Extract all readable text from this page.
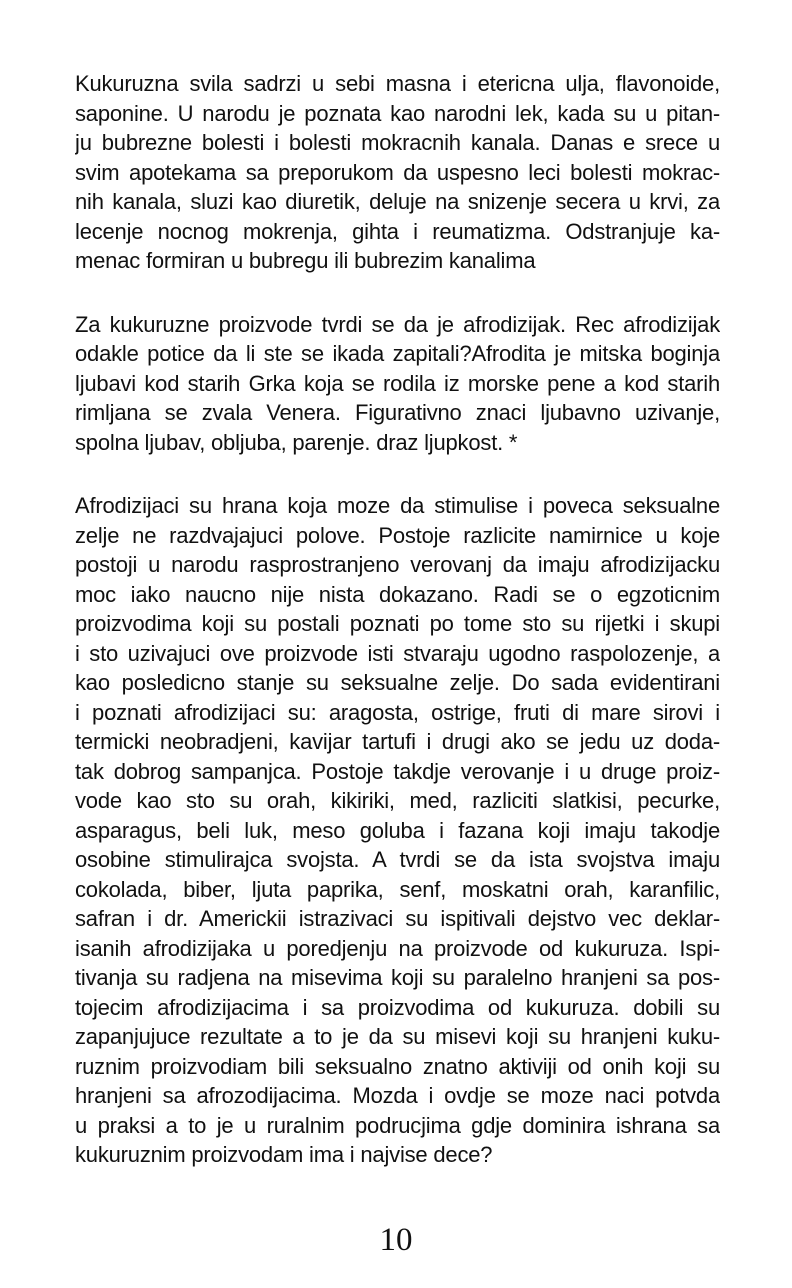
Kukuruzna svila sadrzi u sebi masna i etericna ulja, flavonoide,
saponine. U narodu je poznata kao narodni lek, kada su u pitan-
ju bubrezne bolesti i bolesti mokracnih kanala. Danas e srece u
svim apotekama sa preporukom da uspesno leci bolesti mokrac-
nih kanala, sluzi kao diuretik, deluje na snizenje secera u krvi, za
lecenje nocnog mokrenja, gihta i reumatizma. Odstranjuje ka-
menac formiran u bubregu ili bubrezim kanalima
Za kukuruzne proizvode tvrdi se da je afrodizijak. Rec afrodizijak
odakle potice da li ste se ikada zapitali?Afrodita je mitska boginja
ljubavi kod starih Grka koja se rodila iz morske pene a kod starih
rimljana se zvala Venera. Figurativno znaci ljubavno uzivanje,
spolna ljubav, obljuba, parenje. draz ljupkost. *
Afrodizijaci su hrana koja moze da stimulise i poveca seksualne
zelje ne razdvajajuci polove. Postoje razlicite namirnice u koje
postoji u narodu rasprostranjeno verovanj da imaju afrodizijacku
moc iako naucno nije nista dokazano. Radi se o egzoticnim
proizvodima koji su postali poznati po tome sto su rijetki i skupi
i sto uzivajuci ove proizvode isti stvaraju ugodno raspolozenje, a
kao posledicno stanje su seksualne zelje. Do sada evidentirani
i poznati afrodizijaci su: aragosta, ostrige, fruti di mare sirovi i
termicki neobradjeni, kavijar tartufi i drugi ako se jedu uz doda-
tak dobrog sampanjca. Postoje takdje verovanje i u druge proiz-
vode kao sto su orah, kikiriki, med, razliciti slatkisi, pecurke,
asparagus, beli luk, meso goluba i fazana koji imaju takodje
osobine stimulirajca svojsta. A tvrdi se da ista svojstva imaju
cokolada, biber, ljuta paprika, senf, moskatni orah, karanfilic,
safran i dr. Americkii istrazivaci su ispitivali dejstvo vec deklar-
isanih afrodizijaka u poredjenju na proizvode od kukuruza. Ispi-
tivanja su radjena na misevima koji su paralelno hranjeni sa pos-
tojecim afrodizijacima i sa proizvodima od kukuruza. dobili su
zapanjujuce rezultate a to je da su misevi koji su hranjeni kuku-
ruznim proizvodiam bili seksualno znatno aktiviji od onih koji su
hranjeni sa afrozodijacima. Mozda i ovdje se moze naci potvda
u praksi a to je u ruralnim podrucjima gdje dominira ishrana sa
kukuruznim proizvodam ima i najvise dece?
10
